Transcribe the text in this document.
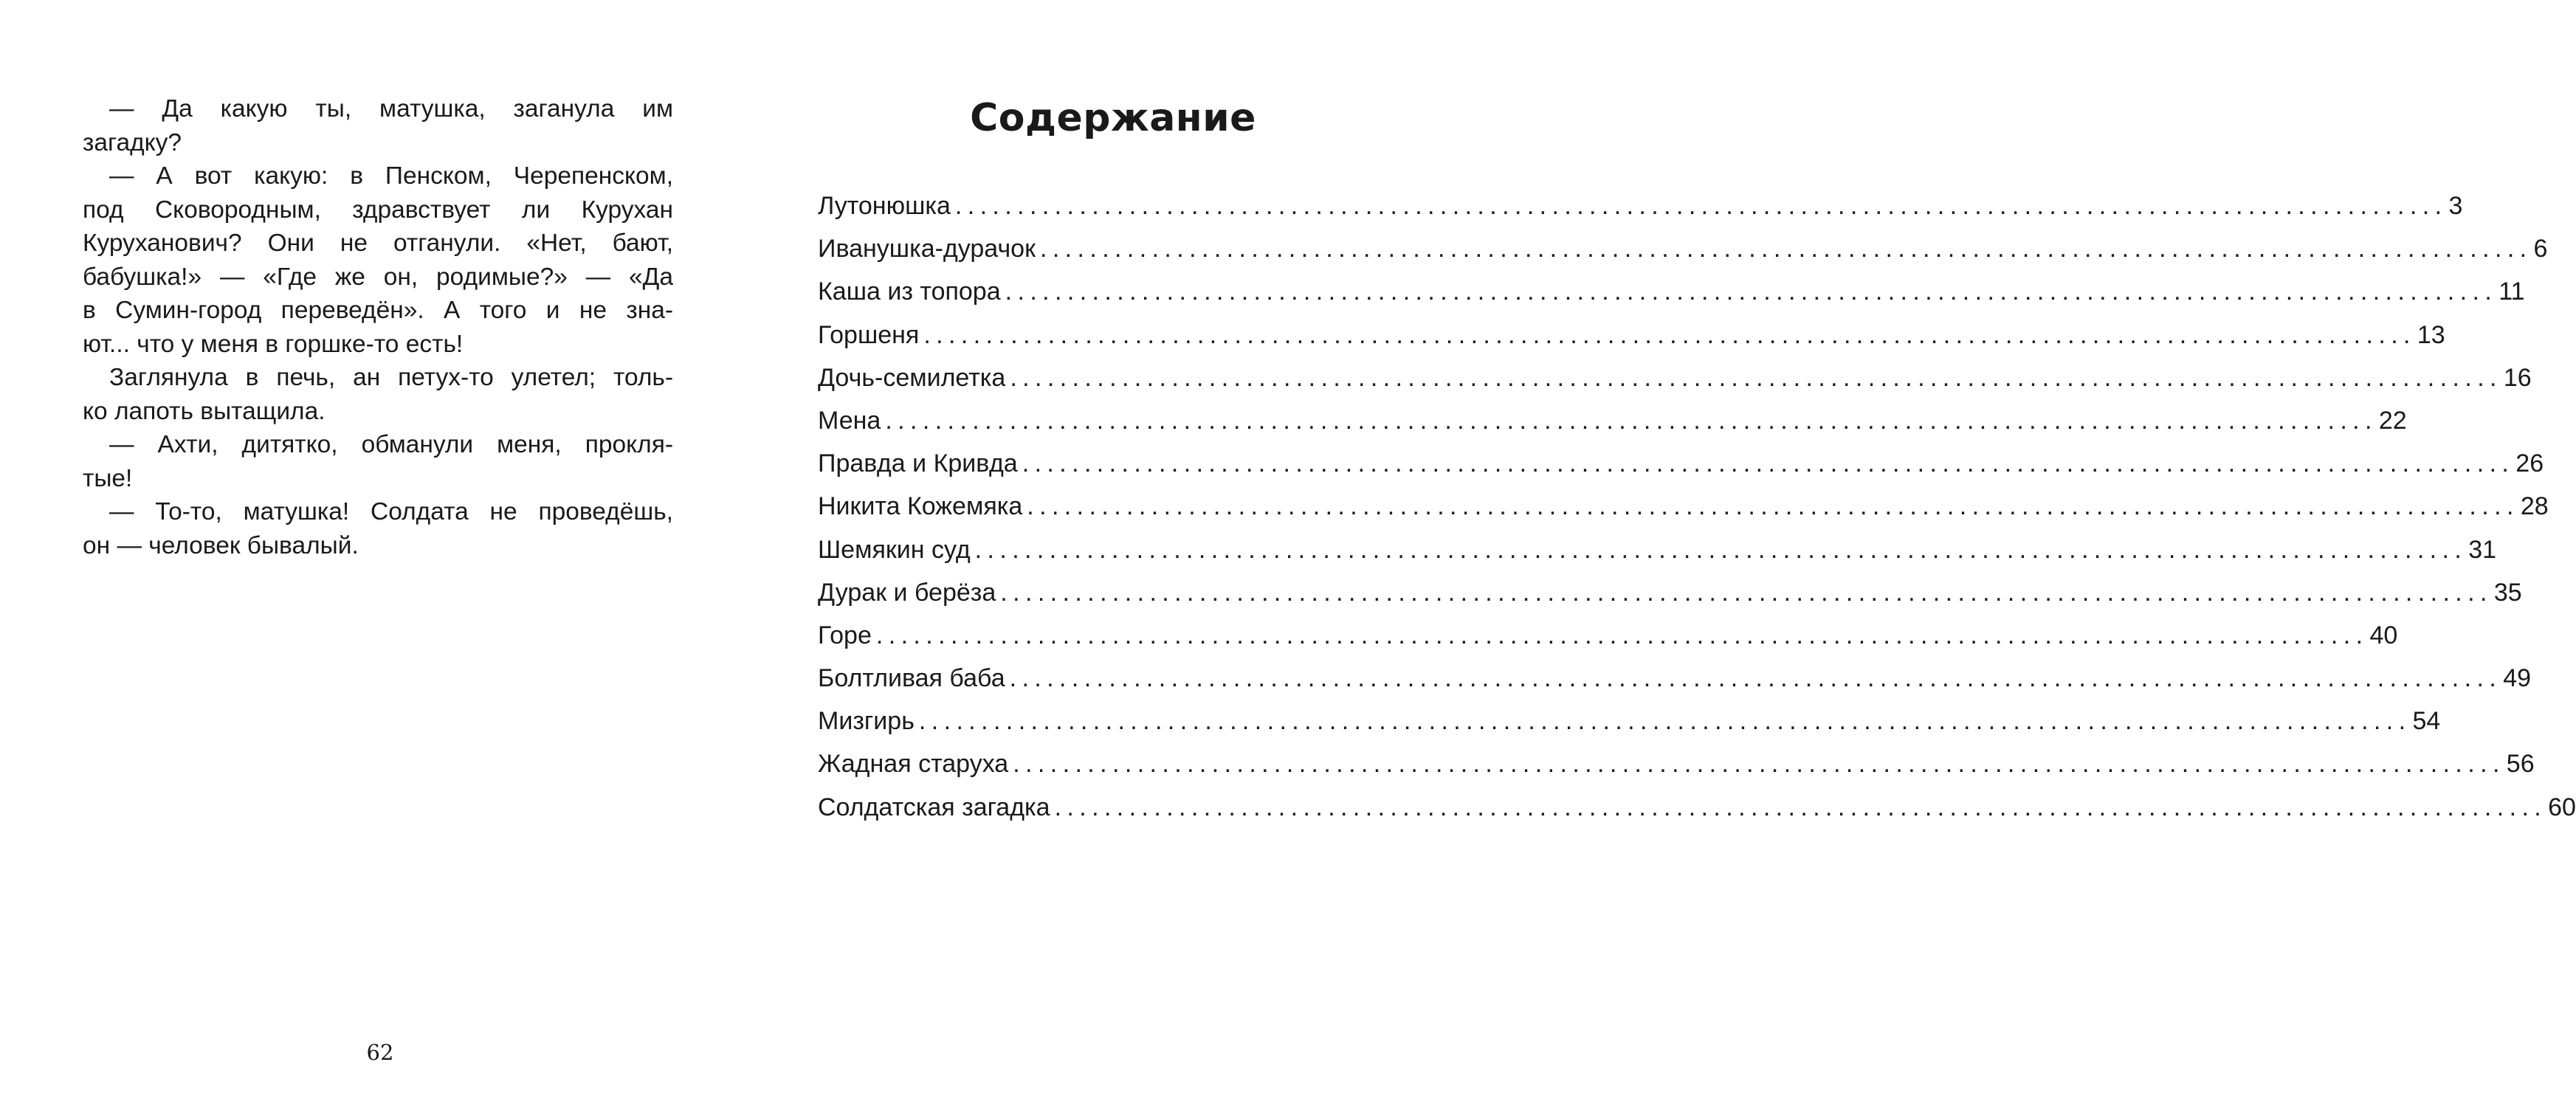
— Да какую ты, матушка, заганула им
загадку?
— А вот какую: в Пенском, Черепенском,
под Сковородным, здравствует ли Курухан
Куруханович? Они не отганули. «Нет, бают,
бабушка!» — «Где же он, родимые?» — «Да
в Сумин-город переведён». А того и не зна-
ют... что у меня в горшке-то есть!
Заглянула в печь, ан петух-то улетел; толь-
ко лапоть вытащила.
— Ахти, дитятко, обманули меня, прокля-
тые!
— То-то, матушка! Солдата не проведёшь,
он — человек бывалый.
62
Содержание
Лутонюшка ........................................................................................................................ 3
Иванушка-дурачок ........................................................................................................................ 6
Каша из топора ........................................................................................................................ 11
Горшеня ........................................................................................................................ 13
Дочь-семилетка ........................................................................................................................ 16
Мена ........................................................................................................................ 22
Правда и Кривда ........................................................................................................................ 26
Никита Кожемяка ........................................................................................................................ 28
Шемякин суд ........................................................................................................................ 31
Дурак и берёза ........................................................................................................................ 35
Горе ........................................................................................................................ 40
Болтливая баба ........................................................................................................................ 49
Мизгирь ........................................................................................................................ 54
Жадная старуха ........................................................................................................................ 56
Солдатская загадка ........................................................................................................................ 60
